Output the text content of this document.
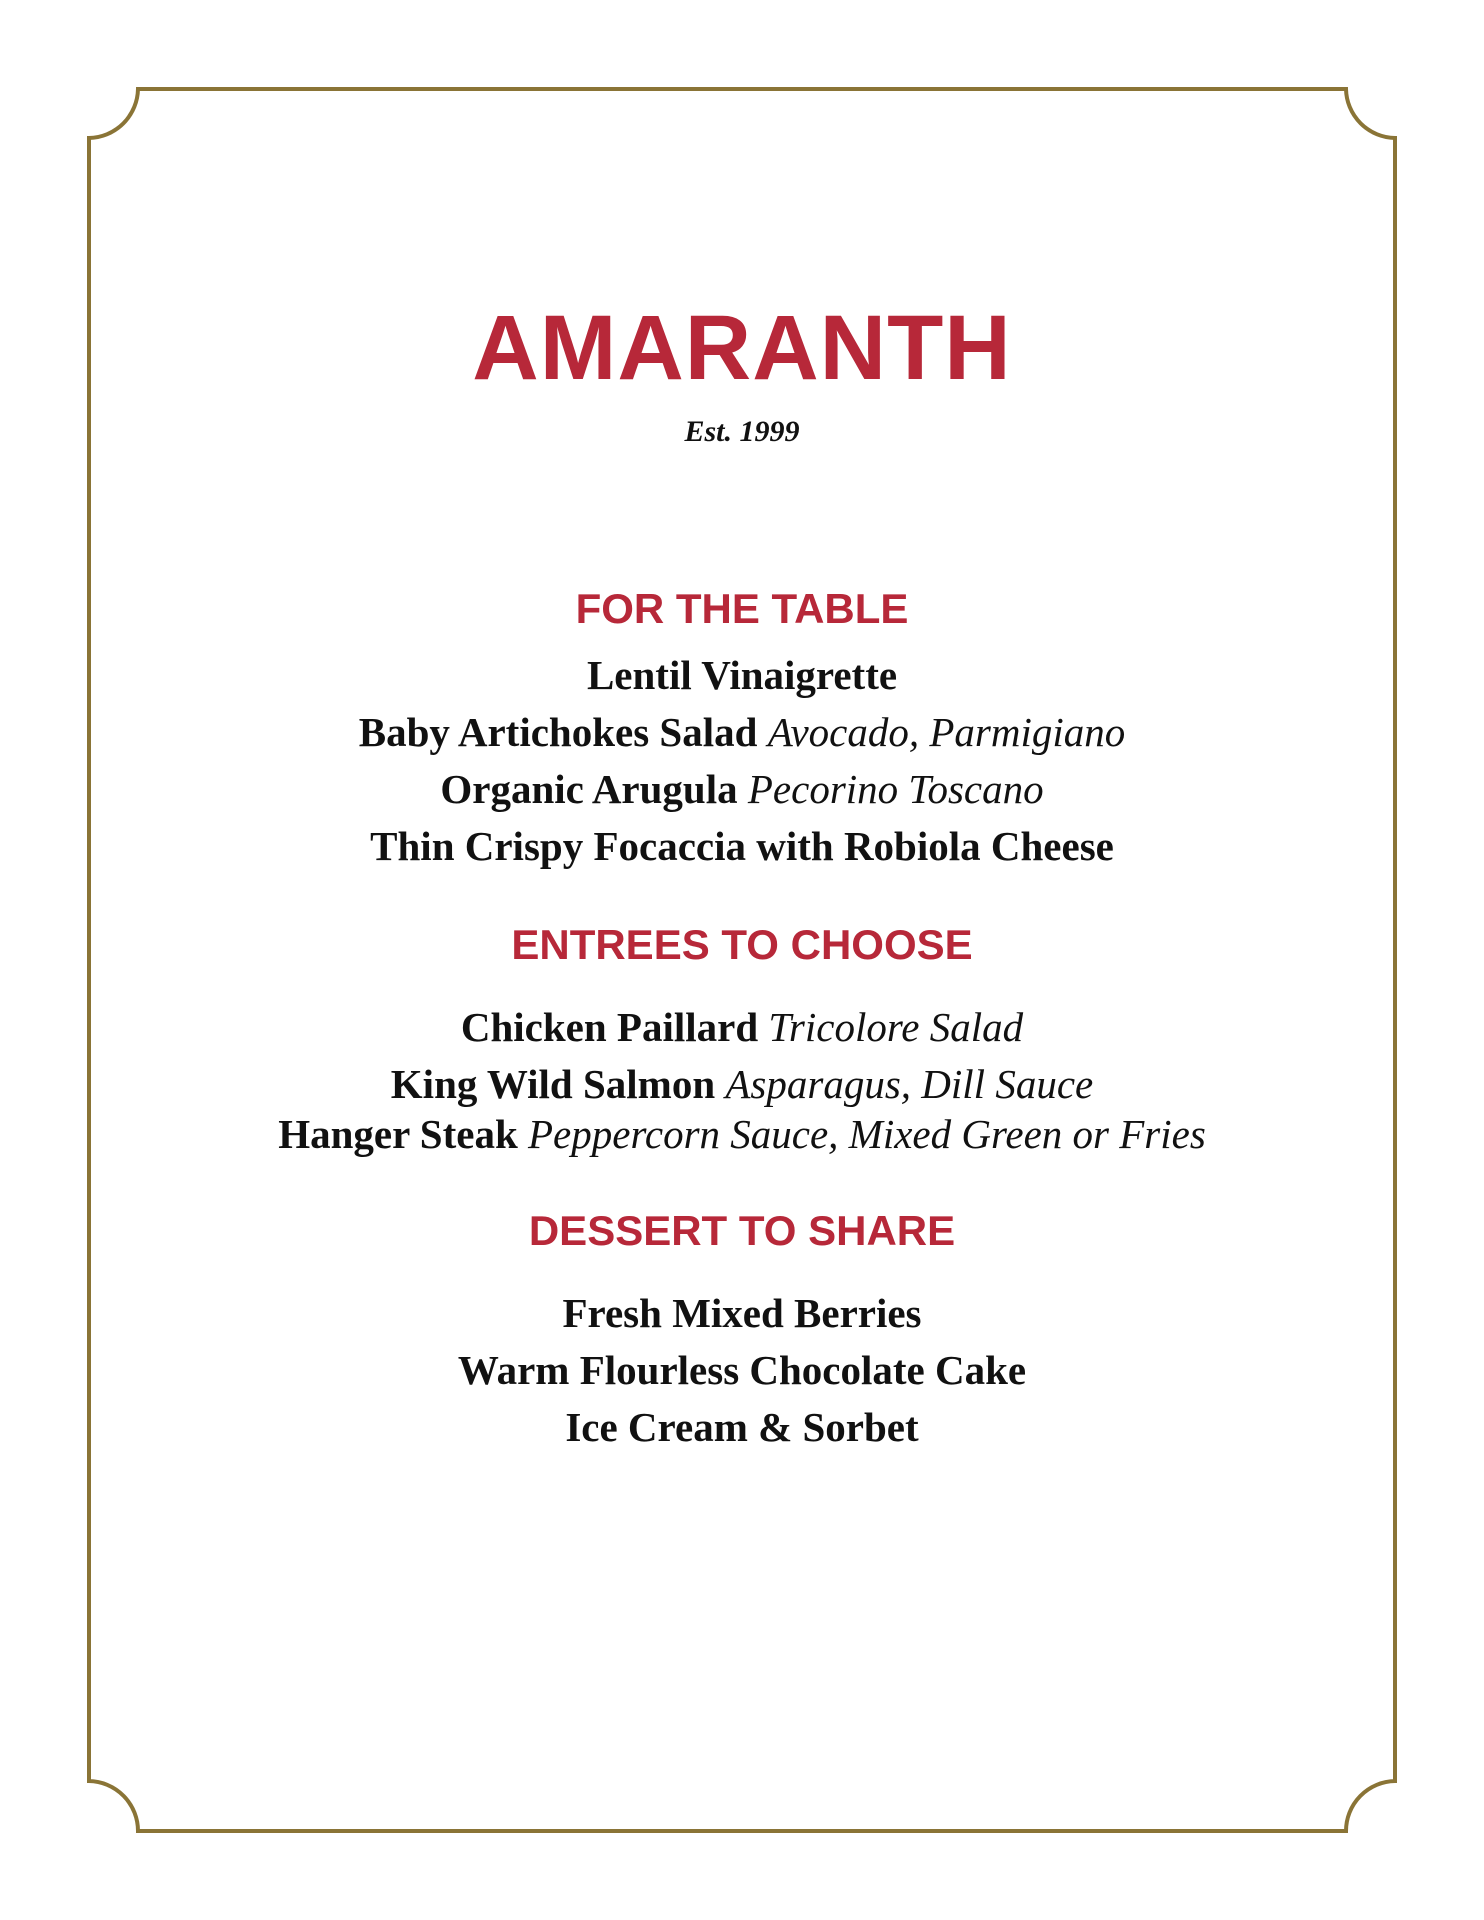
AMARANTH
Est. 1999
FOR THE TABLE
Lentil Vinaigrette
Baby Artichokes Salad Avocado, Parmigiano
Organic Arugula Pecorino Toscano
Thin Crispy Focaccia with Robiola Cheese
ENTREES TO CHOOSE
Chicken Paillard Tricolore Salad
King Wild Salmon Asparagus, Dill Sauce
Hanger Steak Peppercorn Sauce, Mixed Green or Fries
DESSERT TO SHARE
Fresh Mixed Berries
Warm Flourless Chocolate Cake
Ice Cream & Sorbet
